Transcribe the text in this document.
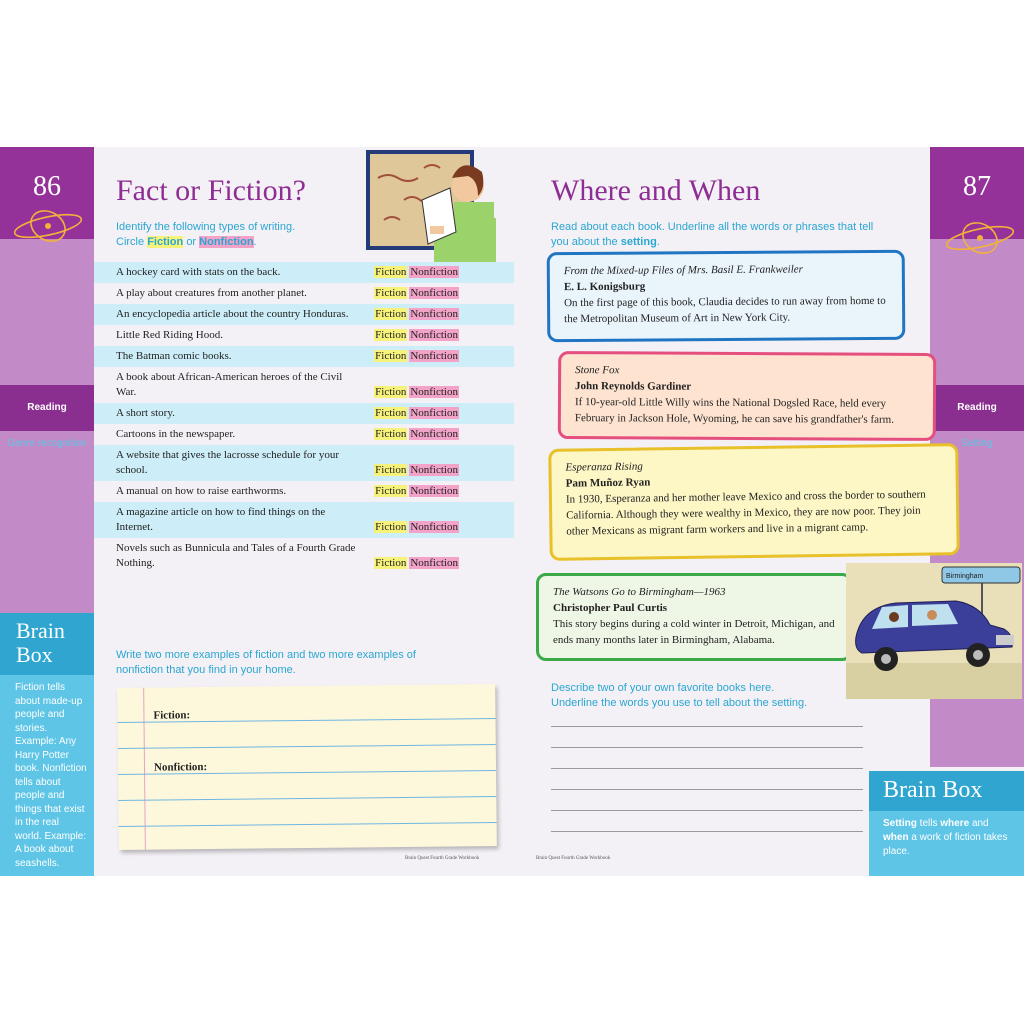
86
Reading
Genre recognition
87
Reading
Setting
Fact or Fiction?
Identify the following types of writing.
Circle Fiction or Nonfiction.
A hockey card with stats on the back.	Fiction Nonfiction
A play about creatures from another planet.	Fiction Nonfiction
An encyclopedia article about the country Honduras.	Fiction Nonfiction
Little Red Riding Hood.	Fiction Nonfiction
The Batman comic books.	Fiction Nonfiction
A book about African-American heroes of the Civil War.	Fiction Nonfiction
A short story.	Fiction Nonfiction
Cartoons in the newspaper.	Fiction Nonfiction
A website that gives the lacrosse schedule for your school.	Fiction Nonfiction
A manual on how to raise earthworms.	Fiction Nonfiction
A magazine article on how to find things on the Internet.	Fiction Nonfiction
Novels such as Bunnicula and Tales of a Fourth Grade Nothing.	Fiction Nonfiction
Write two more examples of fiction and two more examples of nonfiction that you find in your home.
Fiction:
Nonfiction:
Brain
Box
Fiction tells about made-up people and stories. Example: Any Harry Potter book. Nonfiction tells about people and things that exist in the real world. Example: A book about seashells.	Brain Quest Fourth Grade Workbook
Where and When
Read about each book. Underline all the words or phrases that tell
you about the setting.
From the Mixed-up Files of Mrs. Basil E. Frankweiler
E. L. Konigsburg
On the first page of this book, Claudia decides to run away from home to the Metropolitan Museum of Art in New York City.
Stone Fox
John Reynolds Gardiner
If 10-year-old Little Willy wins the National Dogsled Race, held every February in Jackson Hole, Wyoming, he can save his grandfather's farm.
Esperanza Rising
Pam Muñoz Ryan
In 1930, Esperanza and her mother leave Mexico and cross the border to southern California. Although they were wealthy in Mexico, they are now poor. They join other Mexicans as migrant farm workers and live in a migrant camp.
The Watsons Go to Birmingham—1963
Christopher Paul Curtis
This story begins during a cold winter in Detroit, Michigan, and ends many months later in Birmingham, Alabama.
Birmingham
Describe two of your own favorite books here.
Underline the words you use to tell about the setting.
Brain Box
Setting tells where and when a work of fiction takes place.
Brain Quest Fourth Grade Workbook
